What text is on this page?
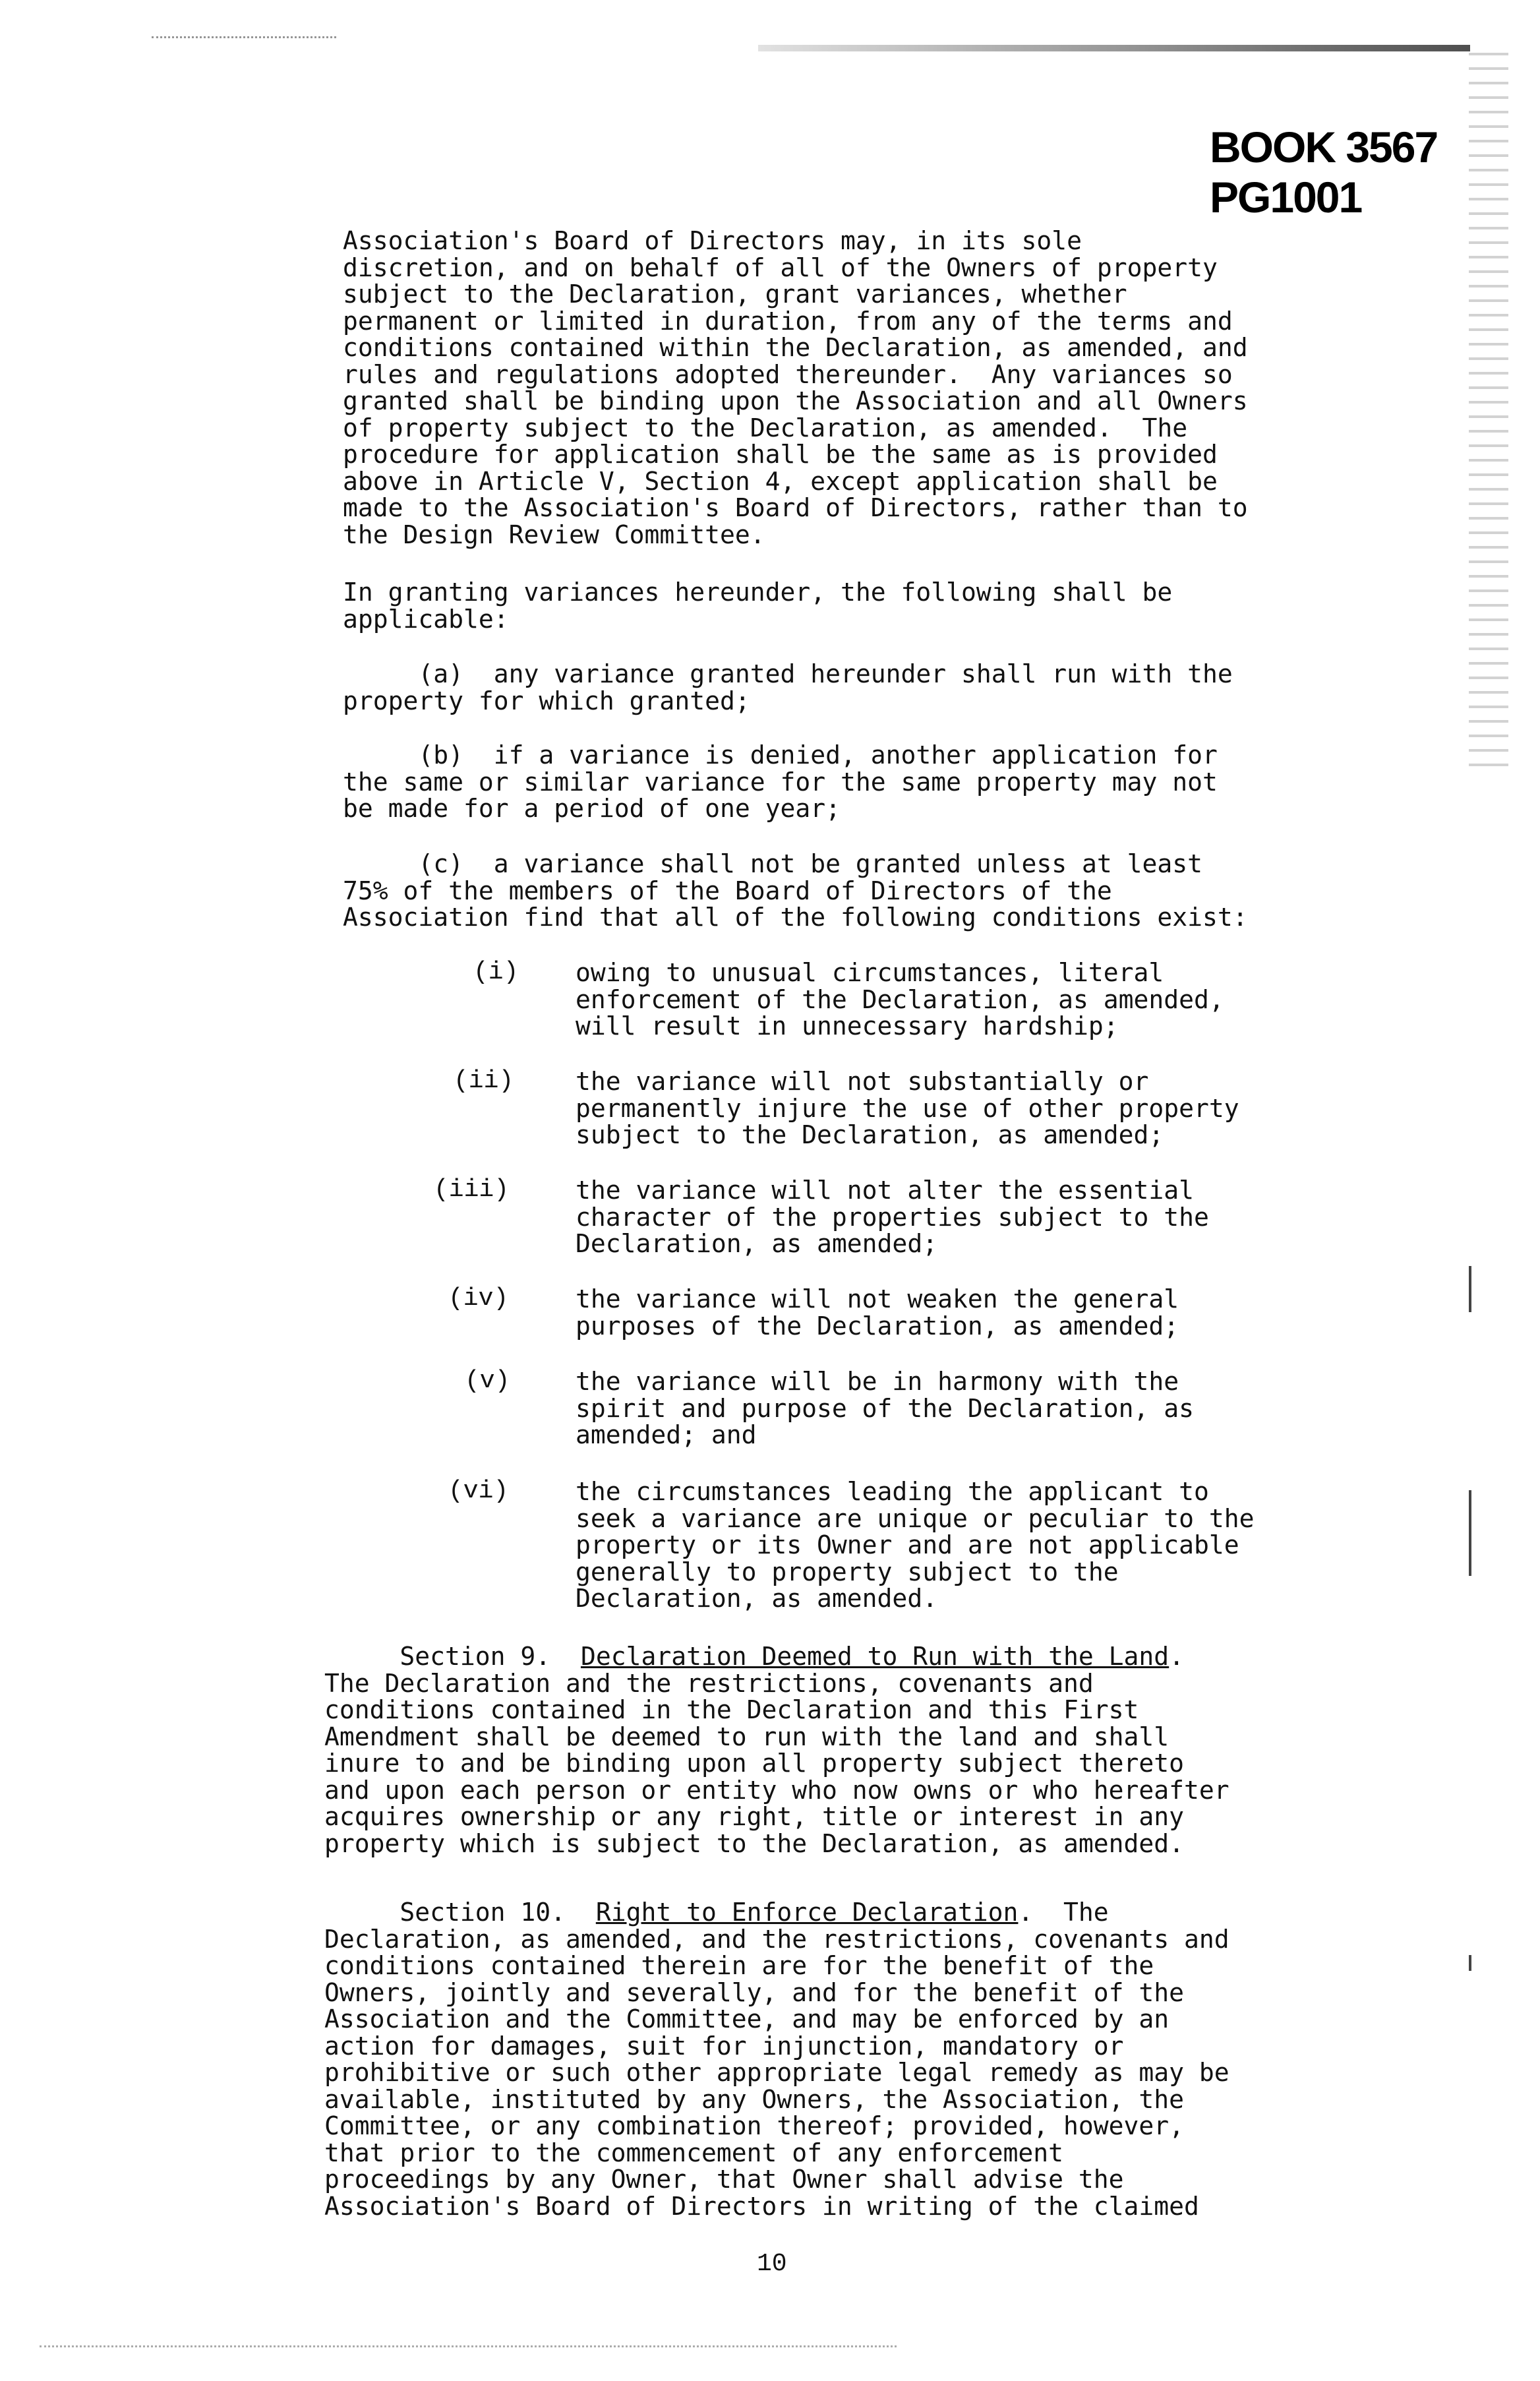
BOOK 3567 PG1001
Association's Board of Directors may, in its sole
discretion, and on behalf of all of the Owners of property
subject to the Declaration, grant variances, whether
permanent or limited in duration, from any of the terms and
conditions contained within the Declaration, as amended, and
rules and regulations adopted thereunder.  Any variances so
granted shall be binding upon the Association and all Owners
of property subject to the Declaration, as amended.  The
procedure for application shall be the same as is provided
above in Article V, Section 4, except application shall be
made to the Association's Board of Directors, rather than to
the Design Review Committee.
In granting variances hereunder, the following shall be
applicable:
(a)  any variance granted hereunder shall run with the
property for which granted;
(b)  if a variance is denied, another application for
the same or similar variance for the same property may not
be made for a period of one year;
(c)  a variance shall not be granted unless at least
75% of the members of the Board of Directors of the
Association find that all of the following conditions exist:
(i) owing to unusual circumstances, literal
enforcement of the Declaration, as amended,
will result in unnecessary hardship;
(ii) the variance will not substantially or
permanently injure the use of other property
subject to the Declaration, as amended;
(iii)	the variance will not alter the essential
character of the properties subject to the
Declaration, as amended;
(iv)	the variance will not weaken the general
purposes of the Declaration, as amended;
(v)	the variance will be in harmony with the
spirit and purpose of the Declaration, as
amended; and
(vi)	the circumstances leading the applicant to
seek a variance are unique or peculiar to the
property or its Owner and are not applicable
generally to property subject to the
Declaration, as amended.
Section 9.  Declaration Deemed to Run with the Land.
The Declaration and the restrictions, covenants and
conditions contained in the Declaration and this First
Amendment shall be deemed to run with the land and shall
inure to and be binding upon all property subject thereto
and upon each person or entity who now owns or who hereafter
acquires ownership or any right, title or interest in any
property which is subject to the Declaration, as amended.
Section 10.  Right to Enforce Declaration.  The
Declaration, as amended, and the restrictions, covenants and
conditions contained therein are for the benefit of the
Owners, jointly and severally, and for the benefit of the
Association and the Committee, and may be enforced by an
action for damages, suit for injunction, mandatory or
prohibitive or such other appropriate legal remedy as may be
available, instituted by any Owners, the Association, the
Committee, or any combination thereof; provided, however,
that prior to the commencement of any enforcement
proceedings by any Owner, that Owner shall advise the
Association's Board of Directors in writing of the claimed
10
